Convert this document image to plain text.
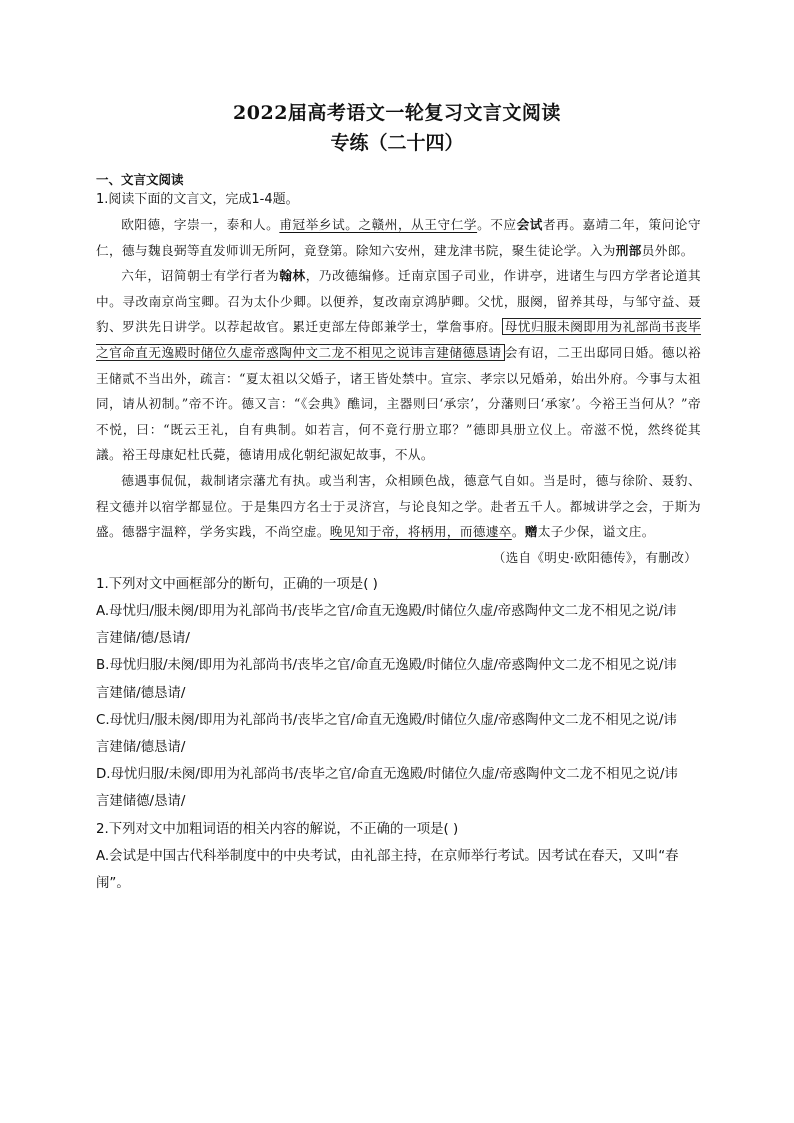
2022届高考语文一轮复习文言文阅读
专练（二十四）

一、文言文阅读

1.阅读下面的文言文，完成1-4题。

欧阳德，字崇一，泰和人。甫冠举乡试。之赣州，从王守仁学。不应会试者再。嘉靖二年，策问论守仁，德与魏良弼等直发师训无所阿，竟登第。除知六安州，建龙津书院，聚生徒论学。入为刑部员外郎。

六年，诏简朝士有学行者为翰林，乃改德编修。迁南京国子司业，作讲亭，进诸生与四方学者论道其中。寻改南京尚宝卿。召为太仆少卿。以便养，复改南京鸿胪卿。父忧，服阕，留养其母，与邹守益、聂豹、罗洪先日讲学。以荐起故官。累迁吏部左侍郎兼学士，掌詹事府。 母忧归服未阕即用为礼部尚书丧毕之官命直无逸殿时储位久虚帝惑陶仲文二龙不相见之说讳言建储德恳请 会有诏，二王出邸同日婚。德以裕王储贰不当出外，疏言：“夏太祖以父婚子，诸王皆处禁中。宣宗、孝宗以兄婚弟，始出外府。今事与太祖同，请从初制。”帝不许。德又言：“《会典》醮词，主器则曰‘承宗’，分藩则曰‘承家’。今裕王当何从？”帝不悦，曰：“既云王礼，自有典制。如若言，何不竟行册立耶？”德即具册立仪上。帝滋不悦，然终從其議。裕王母康妃杜氏薨，德请用成化朝纪淑妃故事，不从。

德遇事侃侃，裁制诸宗藩尤有执。或当利害，众相顾色战，德意气自如。当是时，德与徐阶、聂豹、程文德并以宿学都显位。于是集四方名士于灵济宫，与论良知之学。赴者五千人。都城讲学之会，于斯为盛。德器宇温粹，学务实践，不尚空虚。晚见知于帝，将柄用，而德遽卒。赠太子少保，谥文庄。

（选自《明史·欧阳德传》，有删改）

1.下列对文中画框部分的断句，正确的一项是( )

A.母忧归/服未阕/即用为礼部尚书/丧毕之官/命直无逸殿/时储位久虚/帝惑陶仲文二龙不相见之说/讳
言建储/德/恳请/

B.母忧归服/未阕/即用为礼部尚书/丧毕之官/命直无逸殿/时储位久虚/帝惑陶仲文二龙不相见之说/讳
言建储/德恳请/

C.母忧归/服未阕/即用为礼部尚书/丧毕之官/命直无逸殿/时储位久虚/帝惑陶仲文二龙不相见之说/讳
言建储/德恳请/

D.母忧归服/未阕/即用为礼部尚书/丧毕之官/命直无逸殿/时储位久虚/帝惑陶仲文二龙不相见之说/讳
言建储德/恳请/

2.下列对文中加粗词语的相关内容的解说，不正确的一项是( )

A.会试是中国古代科举制度中的中央考试，由礼部主持，在京师举行考试。因考试在春天，又叫“春
闱”。
